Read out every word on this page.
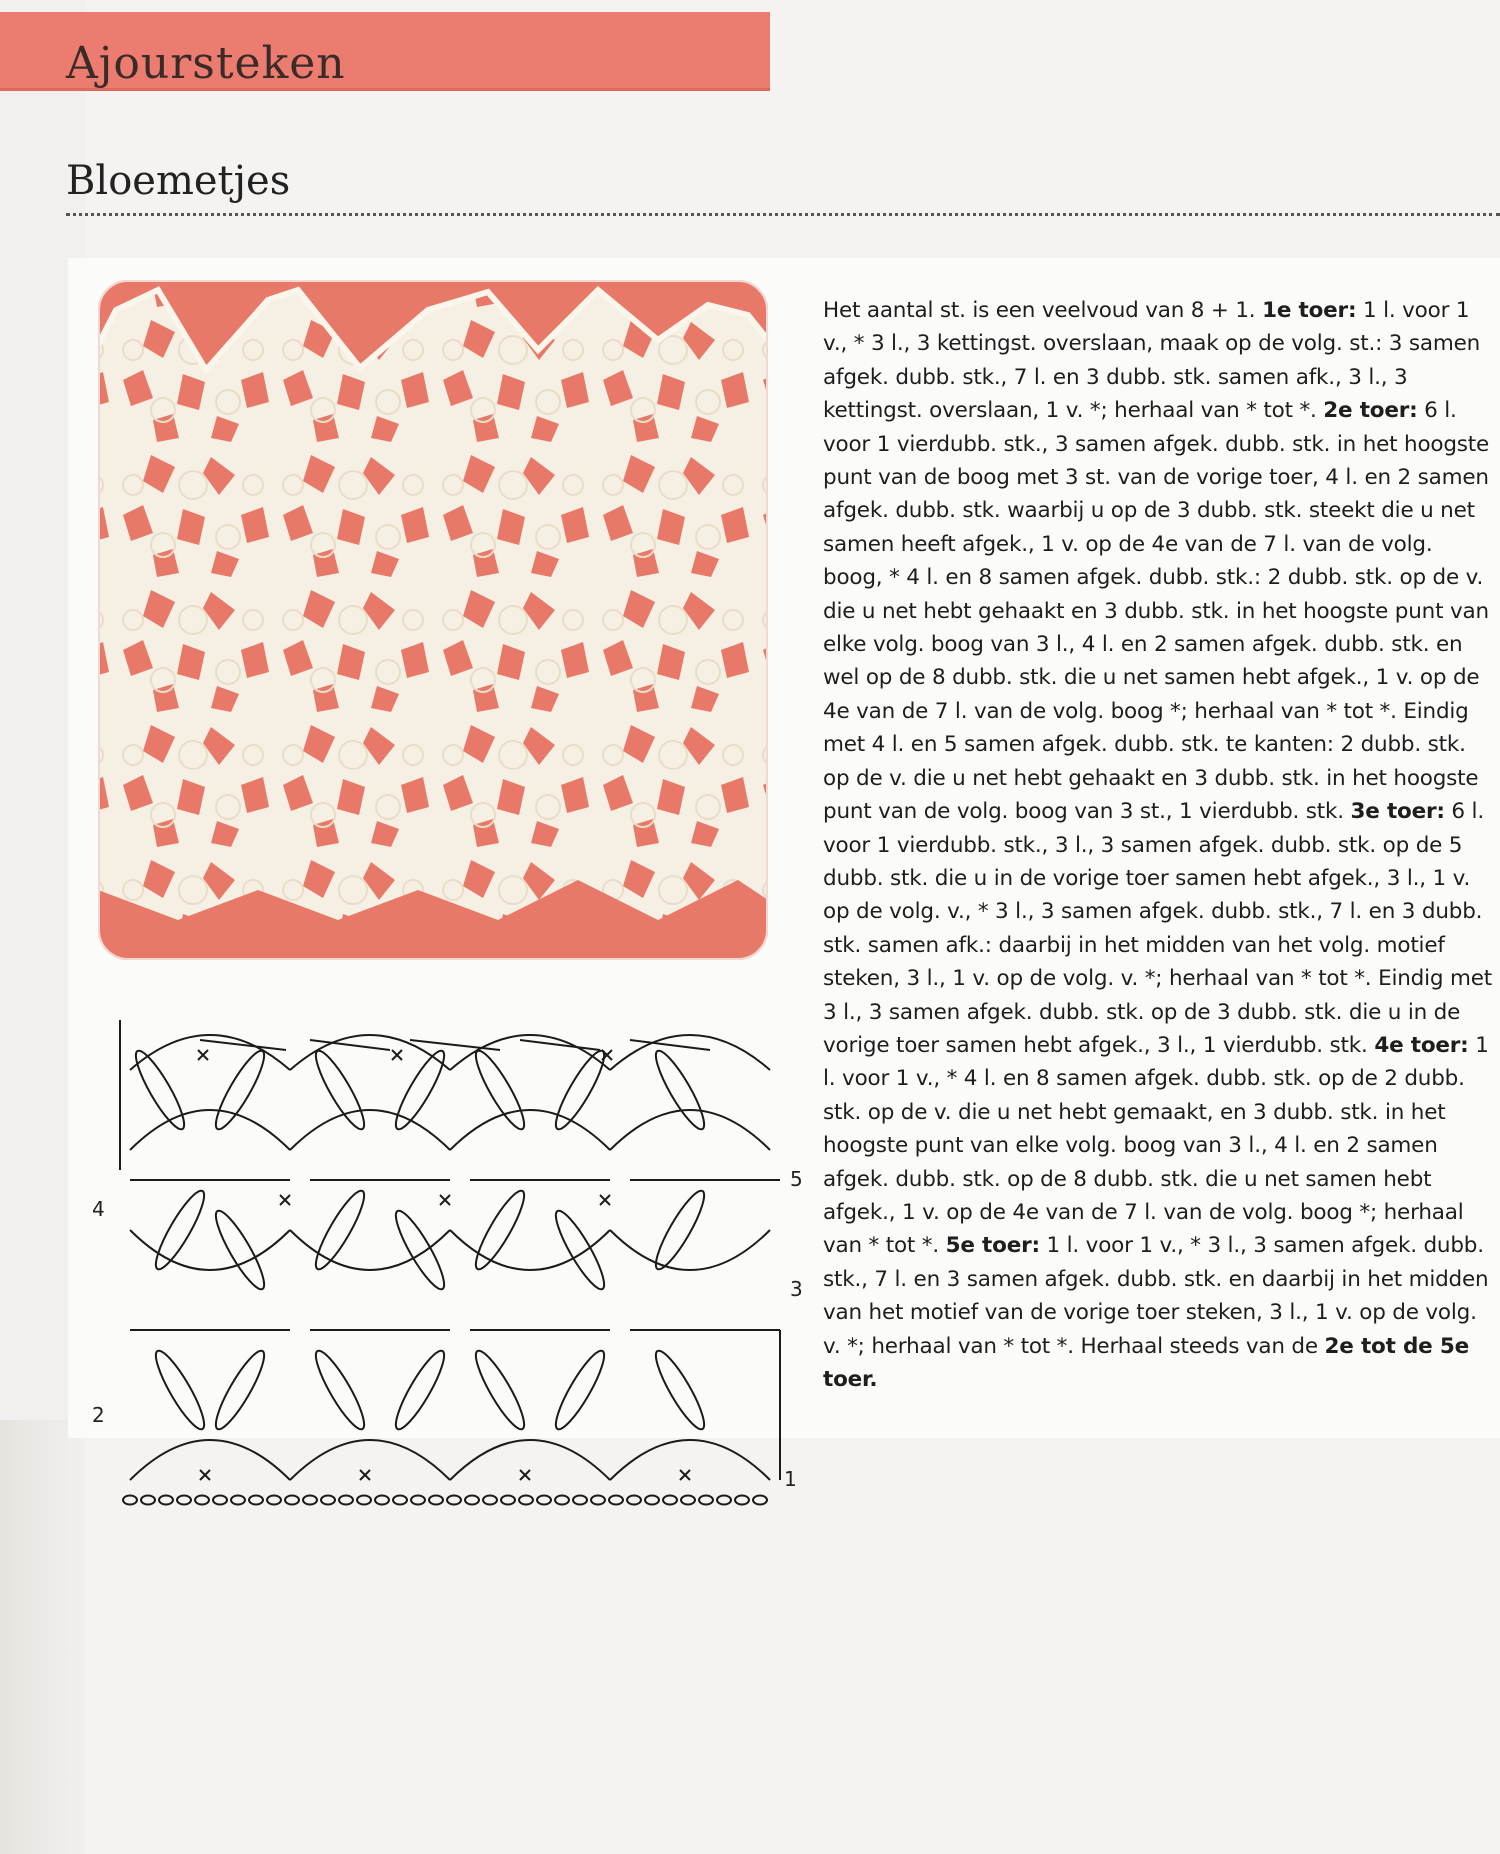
Ajoursteken
Bloemetjes
1
2
3
4
5
Het aantal st. is een veelvoud van 8 + 1. 1e toer: 1 l. voor 1 v., * 3 l., 3 kettingst. overslaan, maak op de volg. st.: 3 samen afgek. dubb. stk., 7 l. en 3 dubb. stk. samen afk., 3 l., 3 kettingst. overslaan, 1 v. *; herhaal van * tot *. 2e toer: 6 l. voor 1 vierdubb. stk., 3 samen afgek. dubb. stk. in het hoogste punt van de boog met 3 st. van de vorige toer, 4 l. en 2 samen afgek. dubb. stk. waarbij u op de 3 dubb. stk. steekt die u net samen heeft afgek., 1 v. op de 4e van de 7 l. van de volg. boog, * 4 l. en 8 samen afgek. dubb. stk.: 2 dubb. stk. op de v. die u net hebt gehaakt en 3 dubb. stk. in het hoogste punt van elke volg. boog van 3 l., 4 l. en 2 samen afgek. dubb. stk. en wel op de 8 dubb. stk. die u net samen hebt afgek., 1 v. op de 4e van de 7 l. van de volg. boog *; herhaal van * tot *. Eindig met 4 l. en 5 samen afgek. dubb. stk. te kanten: 2 dubb. stk. op de v. die u net hebt gehaakt en 3 dubb. stk. in het hoogste punt van de volg. boog van 3 st., 1 vierdubb. stk. 3e toer: 6 l. voor 1 vierdubb. stk., 3 l., 3 samen afgek. dubb. stk. op de 5 dubb. stk. die u in de vorige toer samen hebt afgek., 3 l., 1 v. op de volg. v., * 3 l., 3 samen afgek. dubb. stk., 7 l. en 3 dubb. stk. samen afk.: daarbij in het midden van het volg. motief steken, 3 l., 1 v. op de volg. v. *; herhaal van * tot *. Eindig met 3 l., 3 samen afgek. dubb. stk. op de 3 dubb. stk. die u in de vorige toer samen hebt afgek., 3 l., 1 vierdubb. stk. 4e toer: 1 l. voor 1 v., * 4 l. en 8 samen afgek. dubb. stk. op de 2 dubb. stk. op de v. die u net hebt gemaakt, en 3 dubb. stk. in het hoogste punt van elke volg. boog van 3 l., 4 l. en 2 samen afgek. dubb. stk. op de 8 dubb. stk. die u net samen hebt afgek., 1 v. op de 4e van de 7 l. van de volg. boog *; herhaal van * tot *. 5e toer: 1 l. voor 1 v., * 3 l., 3 samen afgek. dubb. stk., 7 l. en 3 samen afgek. dubb. stk. en daarbij in het midden van het motief van de vorige toer steken, 3 l., 1 v. op de volg. v. *; herhaal van * tot *. Herhaal steeds van de 2e tot de 5e toer.
